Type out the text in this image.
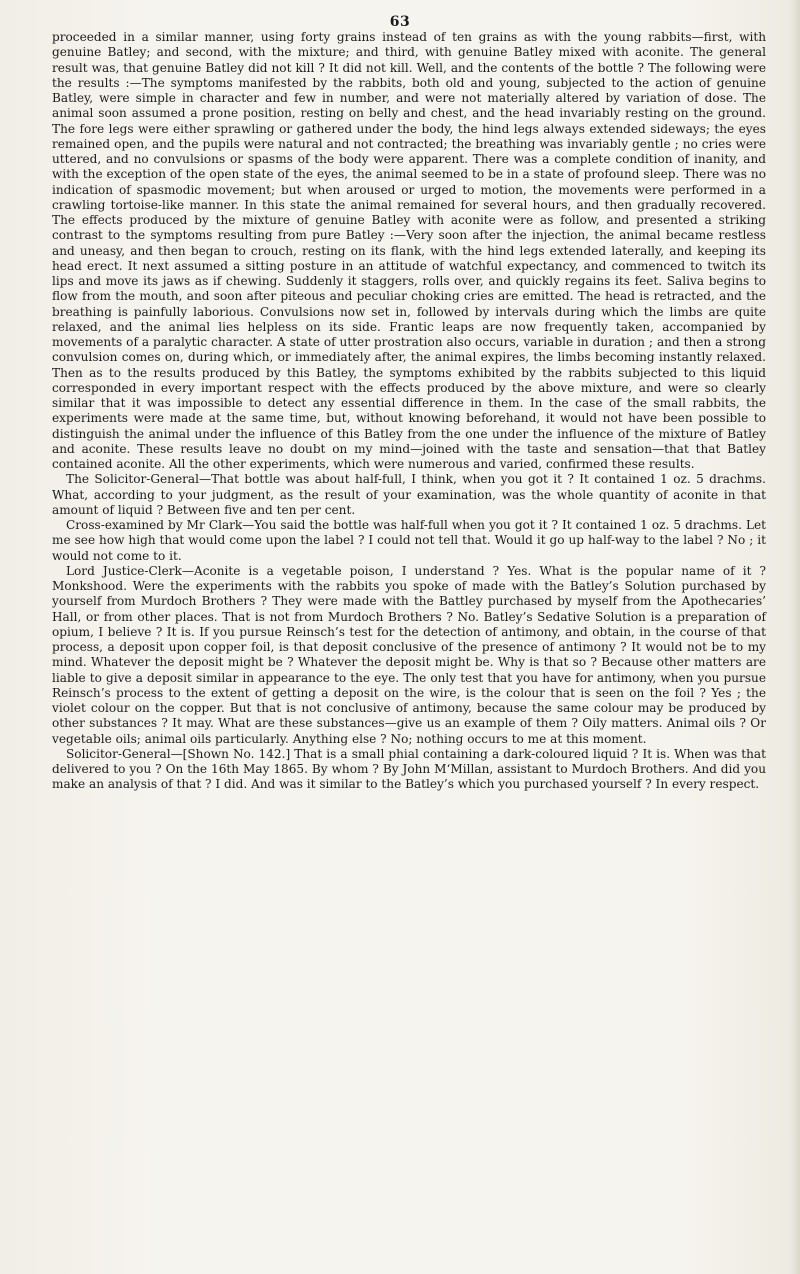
63

proceeded in a similar manner, using forty grains instead of ten grains as with the young rabbits—first, with genuine Batley; and second, with the mixture; and third, with genuine Batley mixed with aconite. The general result was, that genuine Batley did not kill ? It did not kill. Well, and the contents of the bottle ? The following were the results :—The symptoms manifested by the rabbits, both old and young, subjected to the action of genuine Batley, were simple in character and few in number, and were not materially altered by variation of dose. The animal soon assumed a prone position, resting on belly and chest, and the head invariably resting on the ground. The fore legs were either sprawling or gathered under the body, the hind legs always extended sideways; the eyes remained open, and the pupils were natural and not contracted; the breathing was invariably gentle ; no cries were uttered, and no convulsions or spasms of the body were apparent. There was a complete condition of inanity, and with the exception of the open state of the eyes, the animal seemed to be in a state of profound sleep. There was no indication of spasmodic movement; but when aroused or urged to motion, the movements were performed in a crawling tortoise-like manner. In this state the animal remained for several hours, and then gradually recovered. The effects produced by the mixture of genuine Batley with aconite were as follow, and presented a striking contrast to the symptoms resulting from pure Batley :—Very soon after the injection, the animal became restless and uneasy, and then began to crouch, resting on its flank, with the hind legs extended laterally, and keeping its head erect. It next assumed a sitting posture in an attitude of watchful expectancy, and commenced to twitch its lips and move its jaws as if chewing. Suddenly it staggers, rolls over, and quickly regains its feet. Saliva begins to flow from the mouth, and soon after piteous and peculiar choking cries are emitted. The head is retracted, and the breathing is painfully laborious. Convulsions now set in, followed by intervals during which the limbs are quite relaxed, and the animal lies helpless on its side. Frantic leaps are now frequently taken, accompanied by movements of a paralytic character. A state of utter prostration also occurs, variable in duration ; and then a strong convulsion comes on, during which, or immediately after, the animal expires, the limbs becoming instantly relaxed. Then as to the results produced by this Batley, the symptoms exhibited by the rabbits subjected to this liquid corresponded in every important respect with the effects produced by the above mixture, and were so clearly similar that it was impossible to detect any essential difference in them. In the case of the small rabbits, the experiments were made at the same time, but, without knowing beforehand, it would not have been possible to distinguish the animal under the influence of this Batley from the one under the influence of the mixture of Batley and aconite. These results leave no doubt on my mind—joined with the taste and sensation—that that Batley contained aconite. All the other experiments, which were numerous and varied, confirmed these results.

The Solicitor-General—That bottle was about half-full, I think, when you got it ? It contained 1 oz. 5 drachms. What, according to your judgment, as the result of your examination, was the whole quantity of aconite in that amount of liquid ? Between five and ten per cent.

Cross-examined by Mr Clark—You said the bottle was half-full when you got it ? It contained 1 oz. 5 drachms. Let me see how high that would come upon the label ? I could not tell that. Would it go up half-way to the label ? No ; it would not come to it.

Lord Justice-Clerk—Aconite is a vegetable poison, I understand ? Yes. What is the popular name of it ? Monkshood. Were the experiments with the rabbits you spoke of made with the Batley’s Solution purchased by yourself from Murdoch Brothers ? They were made with the Battley purchased by myself from the Apothecaries’ Hall, or from other places. That is not from Murdoch Brothers ? No. Batley’s Sedative Solution is a preparation of opium, I believe ? It is. If you pursue Reinsch’s test for the detection of antimony, and obtain, in the course of that process, a deposit upon copper foil, is that deposit conclusive of the presence of antimony ? It would not be to my mind. Whatever the deposit might be ? Whatever the deposit might be. Why is that so ? Because other matters are liable to give a deposit similar in appearance to the eye. The only test that you have for antimony, when you pursue Reinsch’s process to the extent of getting a deposit on the wire, is the colour that is seen on the foil ? Yes ; the violet colour on the copper. But that is not conclusive of antimony, because the same colour may be produced by other substances ? It may. What are these substances—give us an example of them ? Oily matters. Animal oils ? Or vegetable oils; animal oils particularly. Anything else ? No; nothing occurs to me at this moment.

Solicitor-General—[Shown No. 142.] That is a small phial containing a dark-coloured liquid ? It is. When was that delivered to you ? On the 16th May 1865. By whom ? By John M‘Millan, assistant to Murdoch Brothers. And did you make an analysis of that ? I did. And was it similar to the Batley’s which you purchased yourself ? In every respect.
